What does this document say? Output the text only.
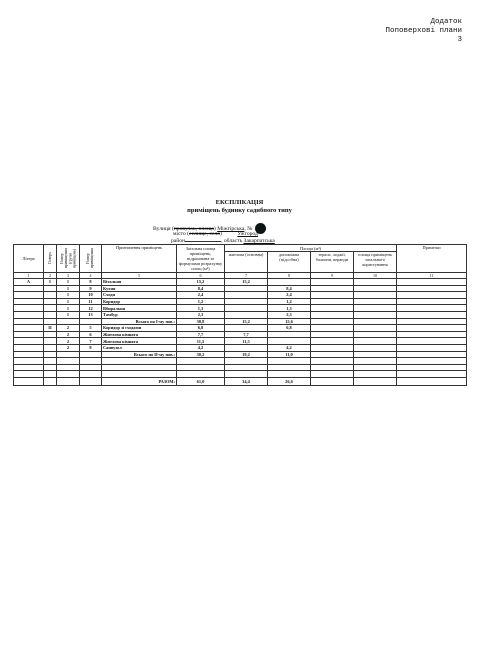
Додаток
Поповерхові плани
3
ЕКСПЛІКАЦІЯ
приміщень будинку садибного типу
Вулиця (провулок, площа) Міжгірська, №
місто (селище, село)	Ужгород
район	, область Закарпатська
Літера	Поверх	Номер приміщення (групи приміщень)	Номер приміщення	Призначення приміщень	Загальна площа приміщень, підрахована за формулами розрахунку площ (м²)	Площа (м²)				Примітки
						житлова (основна)	допоміжна (підсобна)	тераси, лоджії, балкони, веранди	площа приміщень загального користування	
1	2	3	4	5	6	7	8	9	10	11
А	І	1	8	Вітальня	15,2	15,2				
		1	9	Кухня	8,4		8,4			
		1	10	Сходи	2,4		2,4			
		1	11	Коридор	1,2		1,2			
		1	12	Вбиральня	1,3		1,3			
		1	13	Тамбур	2,3		2,3			
				Всього по І-му пов.:	30,8	15,2	15,6			
	ІІ	2	5	Коридор зі сходами	6,8		6,8			
		2	6	Житлова кімната	7,7	7,7				
		2	7	Житлова кімната	11,5	11,5				
		2	8	Санвузол	4,2		4,2			
				Всього по ІІ-му пов.:	30,2	19,2	11,0			

				РАЗОМ:	61,0	34,4	26,6			
